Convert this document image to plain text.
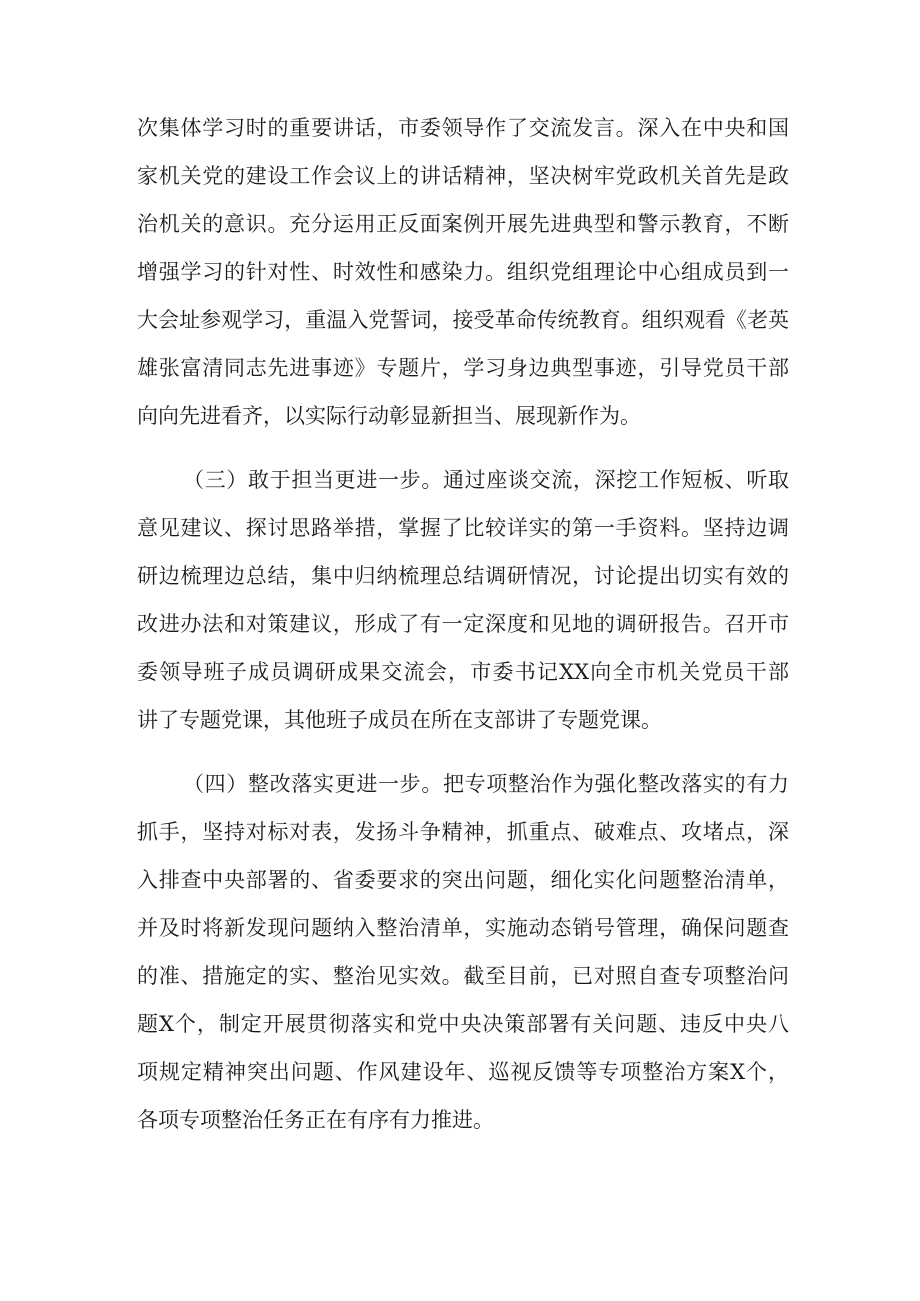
次集体学习时的重要讲话，市委领导作了交流发言。深入在中央和国
家机关党的建设工作会议上的讲话精神，坚决树牢党政机关首先是政
治机关的意识。充分运用正反面案例开展先进典型和警示教育，不断
增强学习的针对性、时效性和感染力。组织党组理论中心组成员到一
大会址参观学习，重温入党誓词，接受革命传统教育。组织观看《老英
雄张富清同志先进事迹》专题片，学习身边典型事迹，引导党员干部
向向先进看齐，以实际行动彰显新担当、展现新作为。
（三）敢于担当更进一步。通过座谈交流，深挖工作短板、听取
意见建议、探讨思路举措，掌握了比较详实的第一手资料。坚持边调
研边梳理边总结，集中归纳梳理总结调研情况，讨论提出切实有效的
改进办法和对策建议，形成了有一定深度和见地的调研报告。召开市
委领导班子成员调研成果交流会，市委书记XX向全市机关党员干部
讲了专题党课，其他班子成员在所在支部讲了专题党课。
（四）整改落实更进一步。把专项整治作为强化整改落实的有力
抓手，坚持对标对表，发扬斗争精神，抓重点、破难点、攻堵点，深
入排查中央部署的、省委要求的突出问题，细化实化问题整治清单，
并及时将新发现问题纳入整治清单，实施动态销号管理，确保问题查
的准、措施定的实、整治见实效。截至目前，已对照自查专项整治问
题X个，制定开展贯彻落实和党中央决策部署有关问题、违反中央八
项规定精神突出问题、作风建设年、巡视反馈等专项整治方案X个，
各项专项整治任务正在有序有力推进。
